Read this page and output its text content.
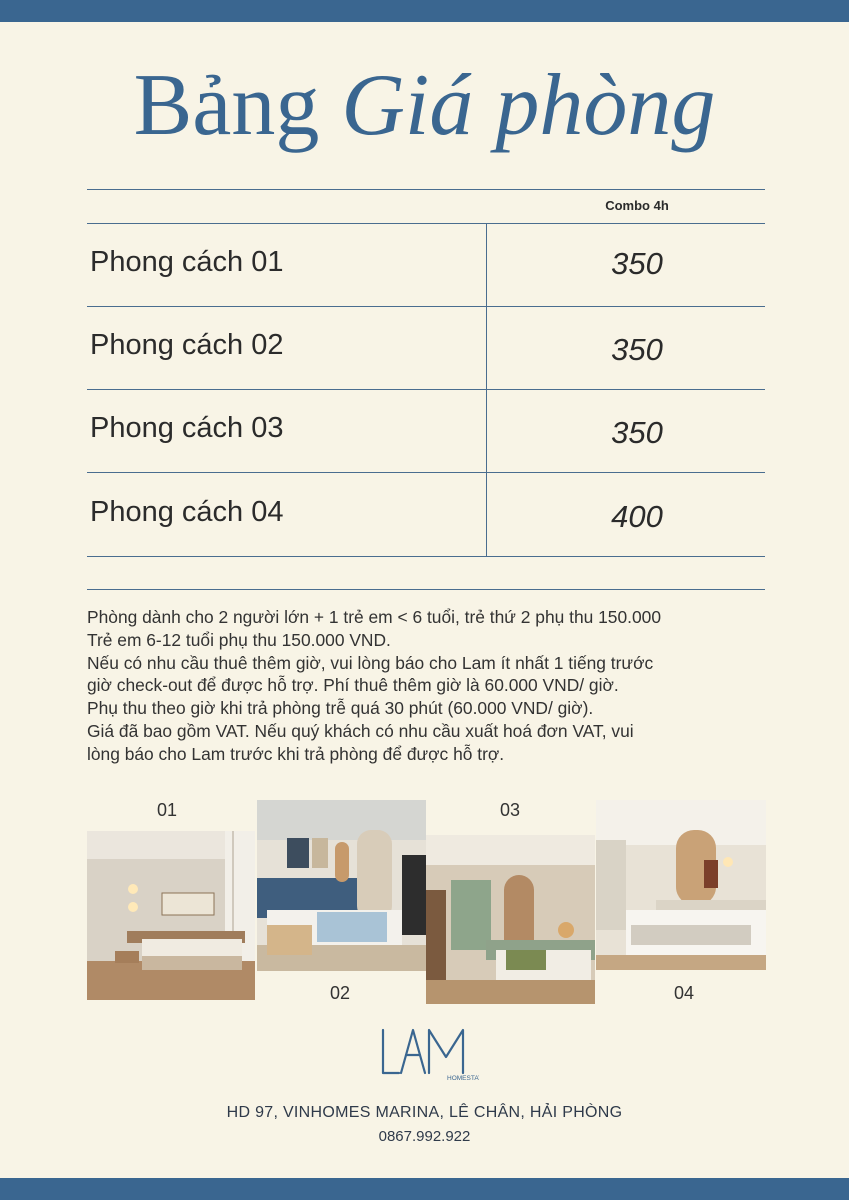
Bảng Giá phòng
Combo 4h
Phong cách 01	350
Phong cách 02	350
Phong cách 03	350
Phong cách 04	400
Phòng dành cho 2 người lớn + 1 trẻ em < 6 tuổi, trẻ thứ 2 phụ thu 150.000
Trẻ em 6-12 tuổi phụ thu 150.000 VND.
Nếu có nhu cầu thuê thêm giờ, vui lòng báo cho Lam ít nhất 1 tiếng trước
giờ check-out để được hỗ trợ. Phí thuê thêm giờ là 60.000 VND/ giờ.
Phụ thu theo giờ khi trả phòng trễ quá 30 phút (60.000 VND/ giờ).
Giá đã bao gồm VAT. Nếu quý khách có nhu cầu xuất hoá đơn VAT, vui
lòng báo cho Lam trước khi trả phòng để được hỗ trợ.
01
02
03
04
HOMESTAY
HD 97, VINHOMES MARINA, LÊ CHÂN, HẢI PHÒNG
0867.992.922
